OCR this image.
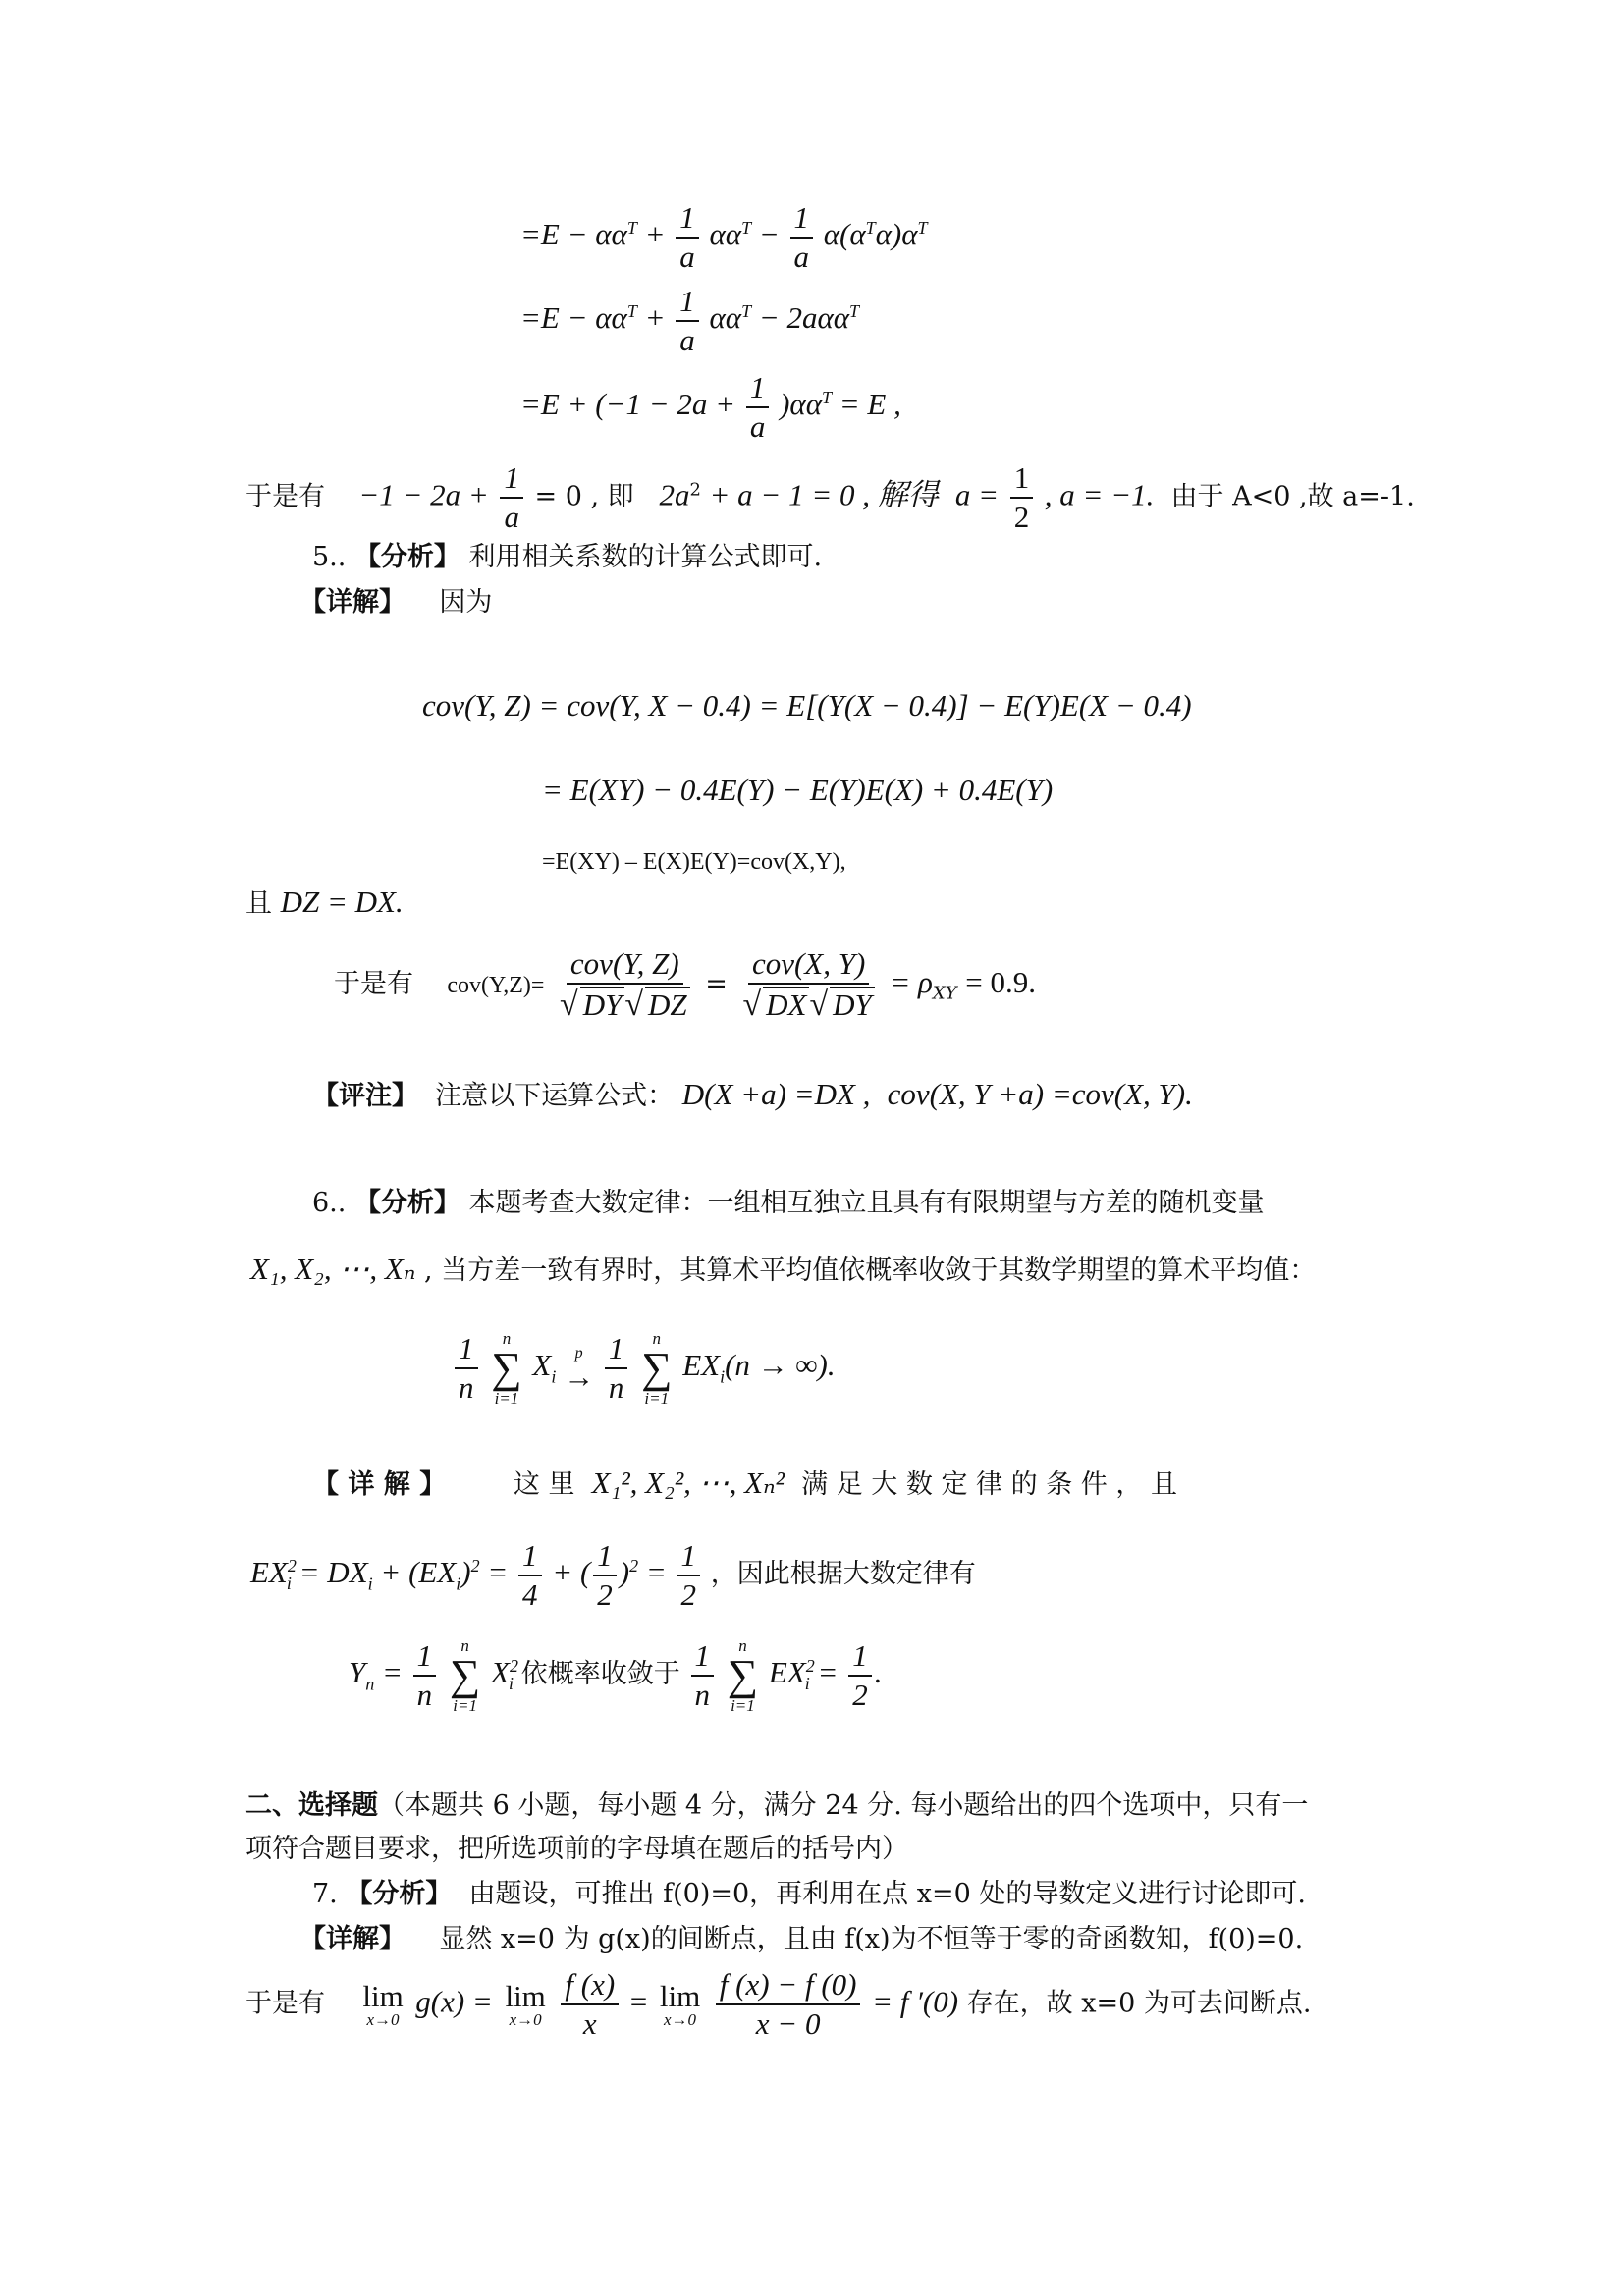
$=E - \alpha\alpha^T + \frac{1}{a} \alpha\alpha^T - \frac{1}{a} \alpha(\alpha^T\alpha)\alpha^T$
$=E - \alpha\alpha^T + \frac{1}{a} \alpha\alpha^T - 2a\alpha\alpha^T$
$=E + (-1 - 2a + \frac{1}{a} )\alpha\alpha^T = E$ ,
于是有 $-1 - 2a + \frac{1}{a} = 0$ , 即 $2a^2 + a - 1 = 0$ , 解得 $a = \frac{1}{2}$ , a = −1. 由于 A<0 ,故 a=-1.
5.. 【分析】 利用相关系数的计算公式即可.
【详解】 因为
cov(Y, Z) = cov(Y, X − 0.4) = E[(Y(X − 0.4)] − E(Y)E(X − 0.4)
= E(XY) − 0.4E(Y) − E(Y)E(X) + 0.4E(Y)
=E(XY) – E(X)E(Y)=cov(X,Y),
且 DZ = DX.
于是有 $cov(Y,Z)= \frac{\text{cov(Y, Z)}}{√ DY√ DZ} = \frac{\text{cov(X, Y)}}{√ DX√ DY} = \rho_{XY} = 0.9$.
【评注】 注意以下运算公式： D(X +a) =DX , cov(X, Y +a) =cov(X, Y).
6.. 【分析】 本题考查大数定律：一组相互独立且具有有限期望与方差的随机变量
X₁, X₂, ⋯, Xₙ , 当方差一致有界时，其算术平均值依概率收敛于其数学期望的算术平均值：
$\frac{1}{n}$
n
∑
i=1
$X_i$
p
→
$\frac{1}{n}$
n
∑
i=1
$EX_i(n$ → ∞).
【 详 解 】	这 里 X₁², X₂², ⋯, Xₙ² 满 足 大 数 定 律 的 条 件 ， 且
$EX^2_i = DX_i + (EX_i)^2 = \frac{1}{4}$ + ( $\frac{1}{2} )^2 = \frac{1}{2}$ ，因此根据大数定律有
$Y_n = \frac{1}{n}$
n
∑
i=1
$X^2_i$ 依概率收敛于 $\frac{1}{n}$
n
∑
i=1
$EX^2_i = \frac{1}{2}$ .
二、选择题（本题共 6 小题，每小题 4 分，满分 24 分. 每小题给出的四个选项中，只有一
项符合题目要求，把所选项前的字母填在题后的括号内）
7. 【分析】 由题设，可推出 f(0)=0，再利用在点 x=0 处的导数定义进行讨论即可.
【详解】 显然 x=0 为 g(x)的间断点，且由 f(x)为不恒等于零的奇函数知，f(0)=0.
于是有 lim
x→0
g(x) = lim
x→0
$\frac{f (x)}{x} = \lim$
x→0
$\frac{f (x) - f (0)}{x - 0} = f$ ′(0) 存在，故 x=0 为可去间断点.
